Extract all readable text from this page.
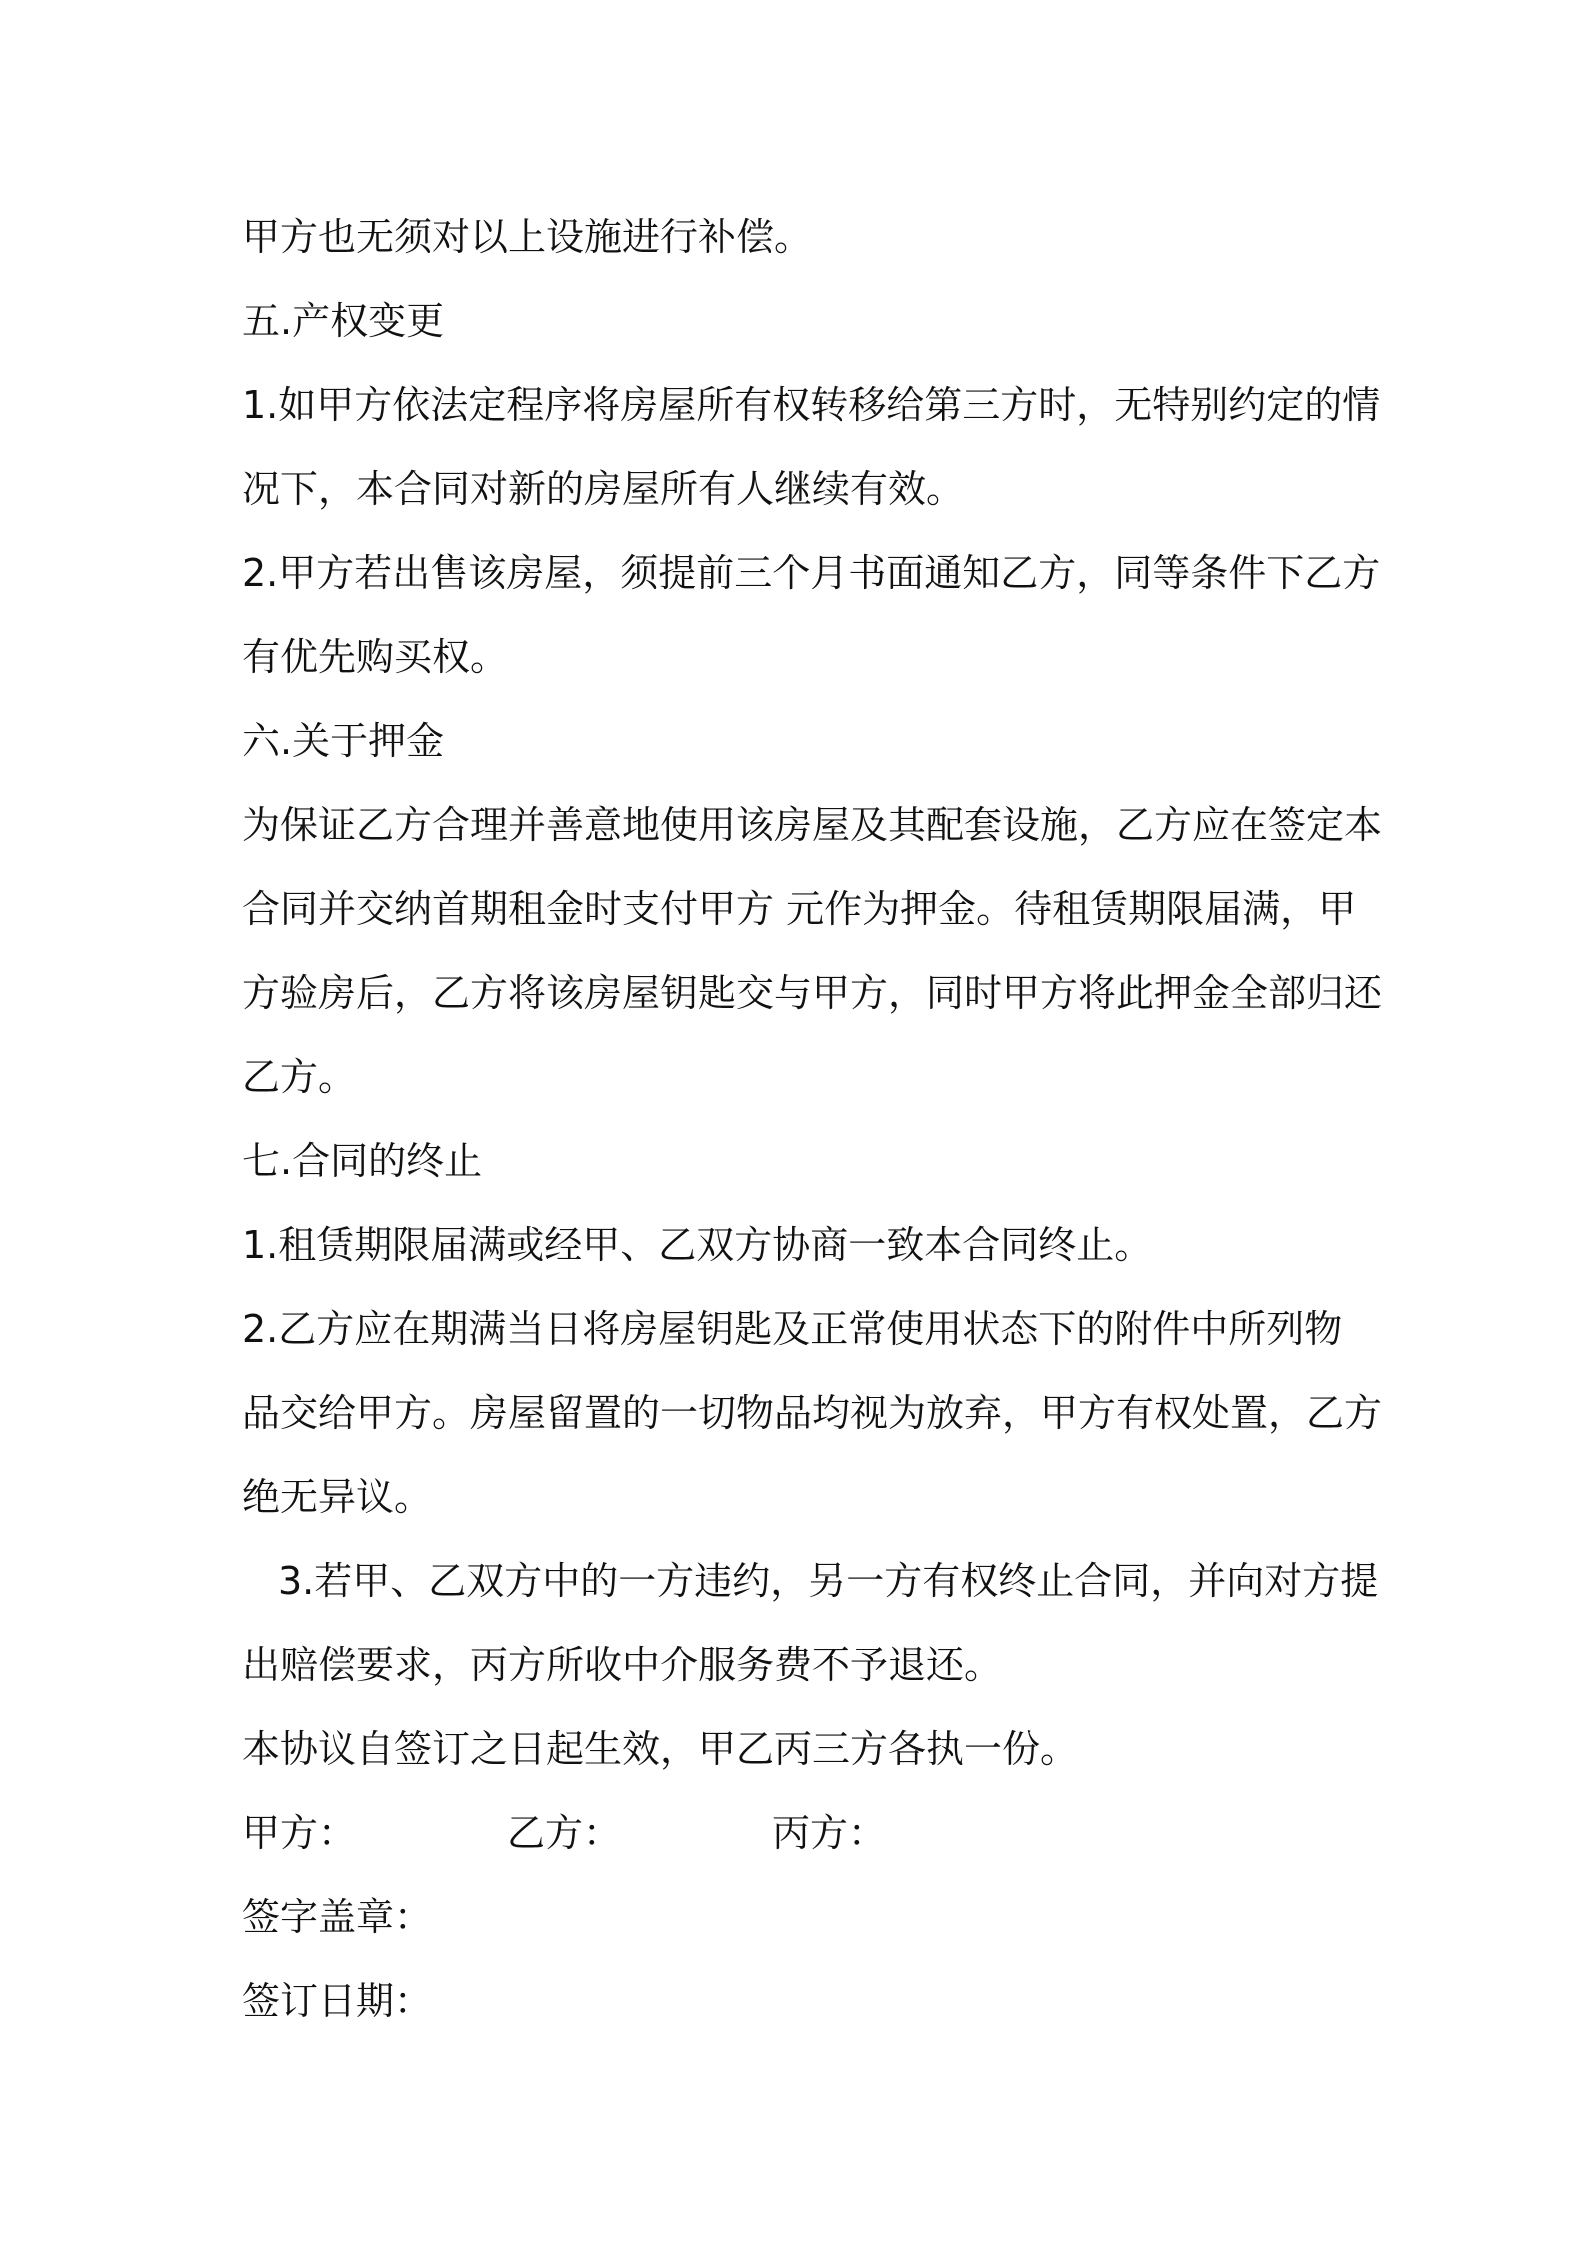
甲方也无须对以上设施进行补偿。
五.产权变更
1.如甲方依法定程序将房屋所有权转移给第三方时，无特别约定的情
况下，本合同对新的房屋所有人继续有效。
2.甲方若出售该房屋，须提前三个月书面通知乙方，同等条件下乙方
有优先购买权。
六.关于押金
为保证乙方合理并善意地使用该房屋及其配套设施，乙方应在签定本
合同并交纳首期租金时支付甲方 元作为押金。待租赁期限届满，甲
方验房后，乙方将该房屋钥匙交与甲方，同时甲方将此押金全部归还
乙方。
七.合同的终止
1.租赁期限届满或经甲、乙双方协商一致本合同终止。
2.乙方应在期满当日将房屋钥匙及正常使用状态下的附件中所列物
品交给甲方。房屋留置的一切物品均视为放弃，甲方有权处置，乙方
绝无异议。
3.若甲、乙双方中的一方违约，另一方有权终止合同，并向对方提
出赔偿要求，丙方所收中介服务费不予退还。
本协议自签订之日起生效，甲乙丙三方各执一份。
甲方：	乙方：	丙方：
签字盖章：
签订日期：
